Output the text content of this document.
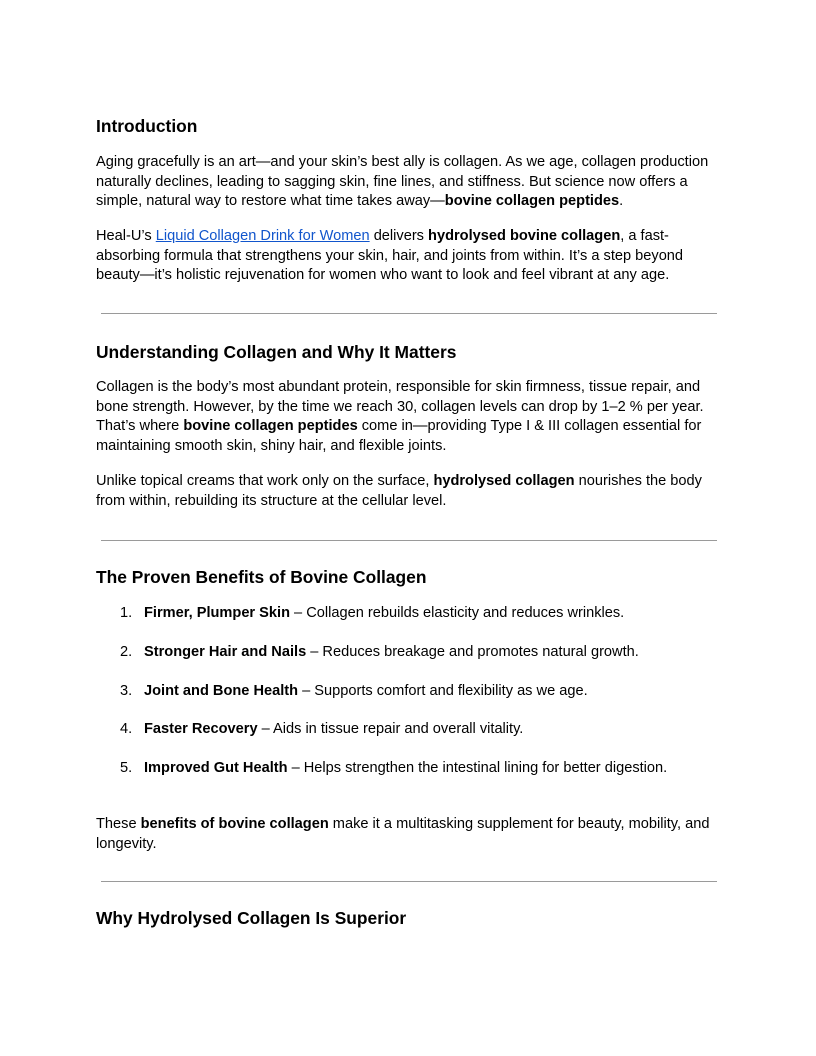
Introduction

Aging gracefully is an art—and your skin’s best ally is collagen. As we age, collagen production naturally declines, leading to sagging skin, fine lines, and stiffness. But science now offers a simple, natural way to restore what time takes away—bovine collagen peptides.

Heal-U’s Liquid Collagen Drink for Women delivers hydrolysed bovine collagen, a fast-absorbing formula that strengthens your skin, hair, and joints from within. It’s a step beyond beauty—it’s holistic rejuvenation for women who want to look and feel vibrant at any age.

Understanding Collagen and Why It Matters

Collagen is the body’s most abundant protein, responsible for skin firmness, tissue repair, and bone strength. However, by the time we reach 30, collagen levels can drop by 1–2 % per year. That’s where bovine collagen peptides come in—providing Type I & III collagen essential for maintaining smooth skin, shiny hair, and flexible joints.

Unlike topical creams that work only on the surface, hydrolysed collagen nourishes the body from within, rebuilding its structure at the cellular level.

The Proven Benefits of Bovine Collagen
1. Firmer, Plumper Skin – Collagen rebuilds elasticity and reduces wrinkles.
2. Stronger Hair and Nails – Reduces breakage and promotes natural growth.
3. Joint and Bone Health – Supports comfort and flexibility as we age.
4. Faster Recovery – Aids in tissue repair and overall vitality.
5. Improved Gut Health – Helps strengthen the intestinal lining for better digestion.

These benefits of bovine collagen make it a multitasking supplement for beauty, mobility, and longevity.

Why Hydrolysed Collagen Is Superior
